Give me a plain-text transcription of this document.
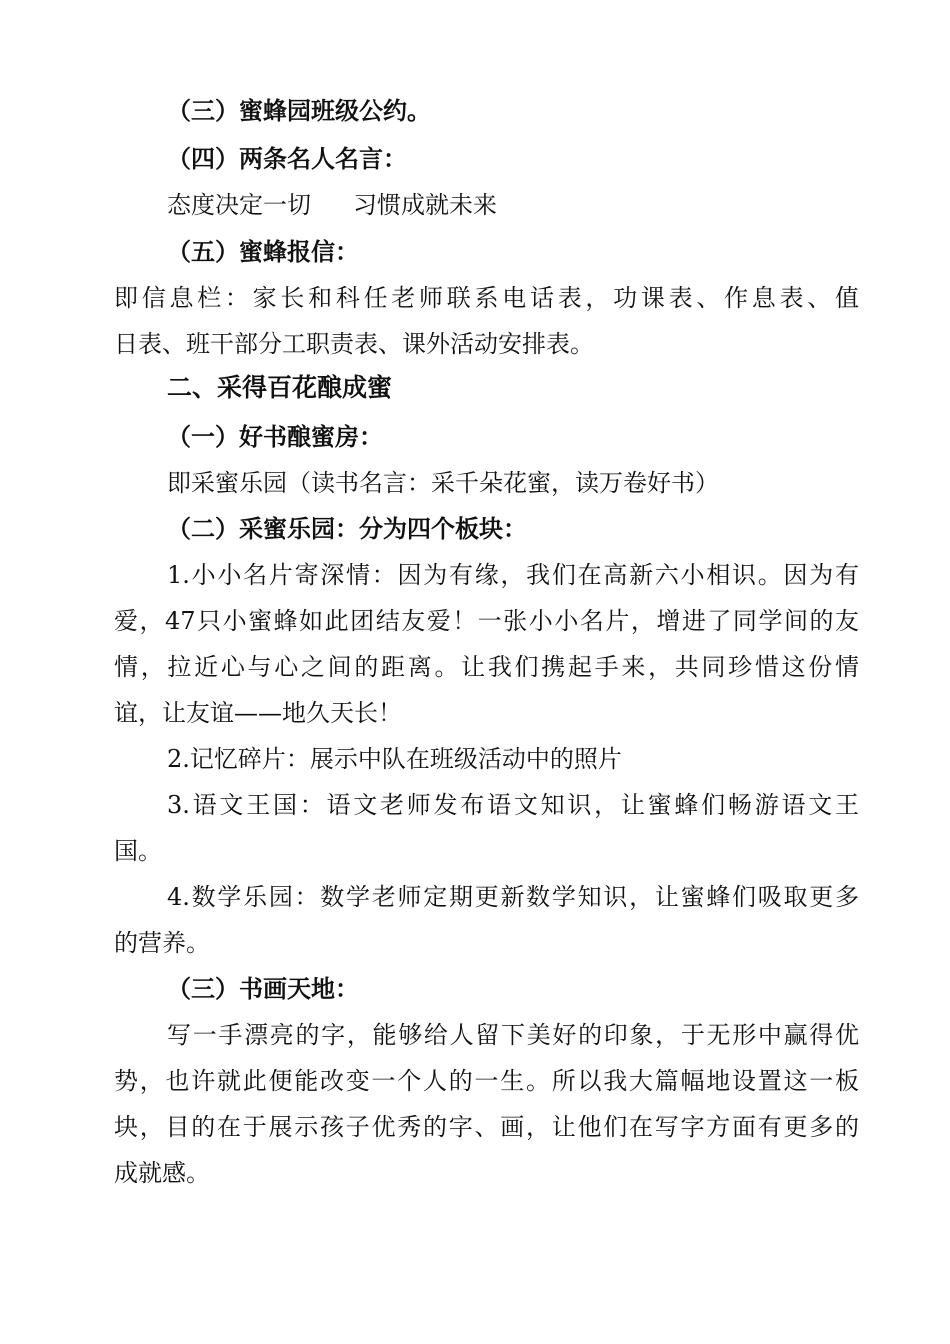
（三）蜜蜂园班级公约。
（四）两条名人名言：
态度决定一切 习惯成就未来
（五）蜜蜂报信：
即信息栏：家长和科任老师联系电话表，功课表、作息表、值
日表、班干部分工职责表、课外活动安排表。
二、采得百花酿成蜜
（一）好书酿蜜房：
即采蜜乐园（读书名言：采千朵花蜜，读万卷好书）
（二）采蜜乐园：分为四个板块：
1.小小名片寄深情：因为有缘，我们在高新六小相识。因为有
爱，47只小蜜蜂如此团结友爱！一张小小名片，增进了同学间的友
情，拉近心与心之间的距离。让我们携起手来，共同珍惜这份情
谊，让友谊——地久天长！
2.记忆碎片：展示中队在班级活动中的照片
3.语文王国：语文老师发布语文知识，让蜜蜂们畅游语文王
国。
4.数学乐园：数学老师定期更新数学知识，让蜜蜂们吸取更多
的营养。
（三）书画天地：
写一手漂亮的字，能够给人留下美好的印象，于无形中赢得优
势，也许就此便能改变一个人的一生。所以我大篇幅地设置这一板
块，目的在于展示孩子优秀的字、画，让他们在写字方面有更多的
成就感。
